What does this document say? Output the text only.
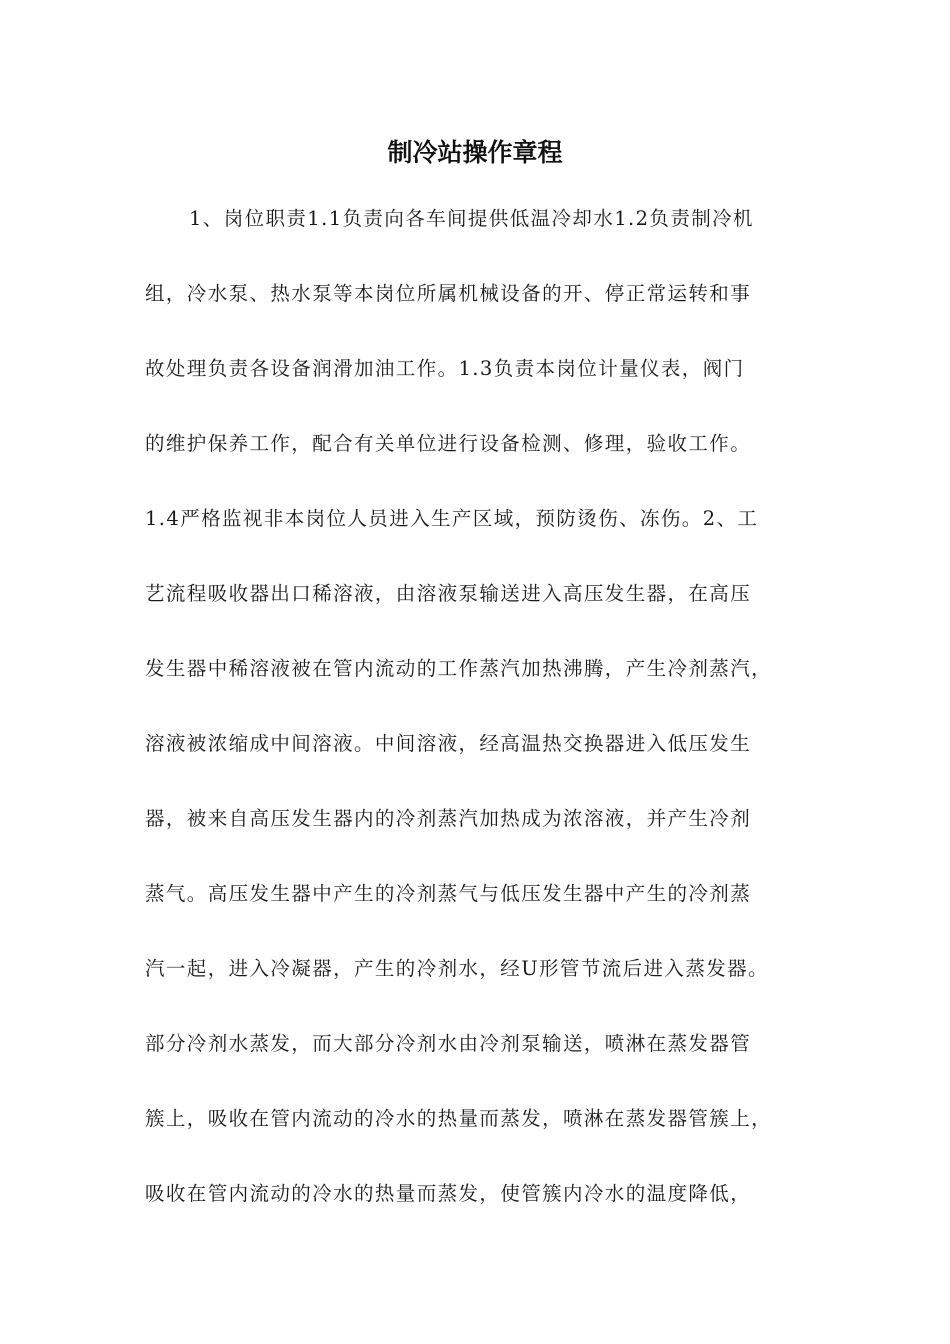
制冷站操作章程
1、岗位职责1.1负责向各车间提供低温冷却水1.2负责制冷机
组，冷水泵、热水泵等本岗位所属机械设备的开、停正常运转和事
故处理负责各设备润滑加油工作。1.3负责本岗位计量仪表，阀门
的维护保养工作，配合有关单位进行设备检测、修理，验收工作。
1.4严格监视非本岗位人员进入生产区域，预防烫伤、冻伤。2、工
艺流程吸收器出口稀溶液，由溶液泵输送进入高压发生器，在高压
发生器中稀溶液被在管内流动的工作蒸汽加热沸腾，产生冷剂蒸汽，
溶液被浓缩成中间溶液。中间溶液，经高温热交换器进入低压发生
器，被来自高压发生器内的冷剂蒸汽加热成为浓溶液，并产生冷剂
蒸气。高压发生器中产生的冷剂蒸气与低压发生器中产生的冷剂蒸
汽一起，进入冷凝器，产生的冷剂水，经U形管节流后进入蒸发器。
部分冷剂水蒸发，而大部分冷剂水由冷剂泵输送，喷淋在蒸发器管
簇上，吸收在管内流动的冷水的热量而蒸发，喷淋在蒸发器管簇上，
吸收在管内流动的冷水的热量而蒸发，使管簇内冷水的温度降低，
